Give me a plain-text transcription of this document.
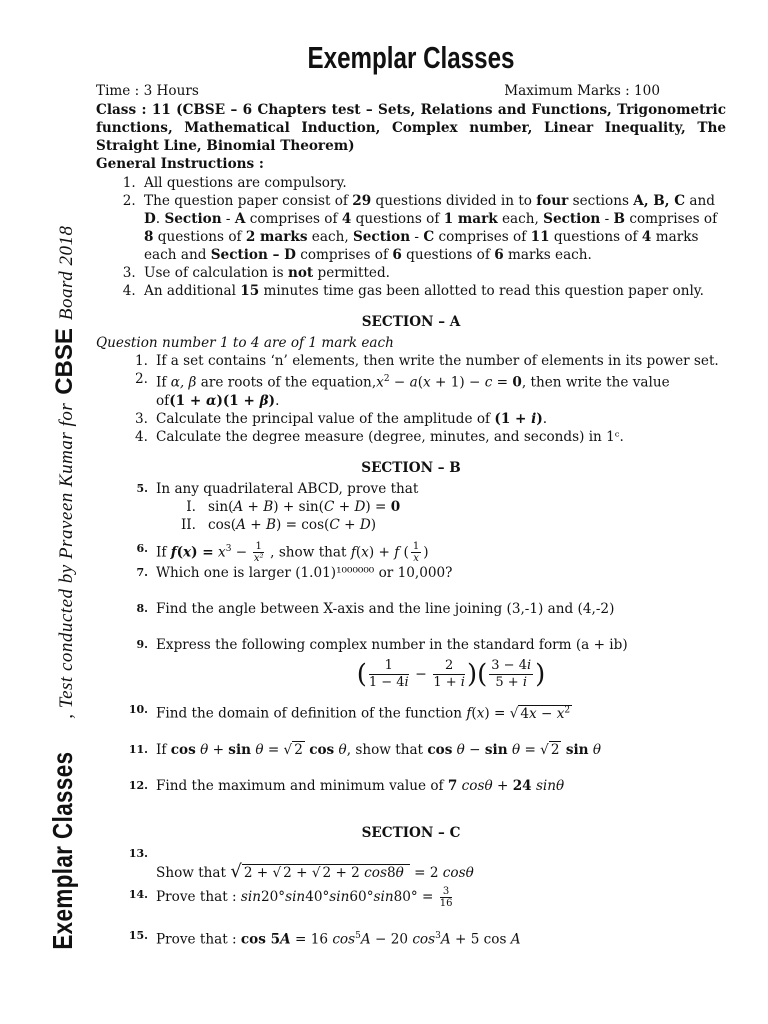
Exemplar Classes
, Test conducted by Praveen Kumar for
CBSE
Board 2018
Exemplar Classes
Time : 3 Hours	Maximum Marks : 100
Class : 11 (CBSE – 6 Chapters test – Sets, Relations and Functions, Trigonometric functions, Mathematical Induction, Complex number, Linear Inequality, The Straight Line, Binomial Theorem)
General Instructions :
1. All questions are compulsory.
2. The question paper consist of 29 questions divided in to four sections A, B, C and D. Section - A comprises of 4 questions of 1 mark each, Section - B comprises of 8 questions of 2 marks each, Section - C comprises of 11 questions of 4 marks each and Section – D comprises of 6 questions of 6 marks each.
3. Use of calculation is not permitted.
4. An additional 15 minutes time gas been allotted to read this question paper only.
SECTION – A
Question number 1 to 4 are of 1 mark each
1. If a set contains ‘n’ elements, then write the number of elements in its power set.
2. If α, β are roots of the $equation,x^2 - a(x + 1) - c = 0$, then write the value
of(1 + α)(1 + β).
3. Calculate the principal value of the amplitude of (1 + i).
4. Calculate the degree measure (degree, minutes, and seconds) in 1ᶜ.
SECTION – B
5. In any quadrilateral ABCD, prove that
I. sin(A + B) + sin(C + D) = 0
II. cos(A + B) = cos(C + D)
6. If $f(x) = x^3 - \frac{1}{\text{x²}}$ , show that f(x) + f ( $\frac{1}{x}$ )
7. Which one is larger (1.01)¹⁰⁰⁰⁰⁰⁰ or 10,000?
8. Find the angle between X-axis and the line joining (3,-1) and (4,-2)
9. Express the following complex number in the standard form (a + ib)
( $\frac{1}{1 - 4i} - \frac{2}{1 + i}$ )( $\frac{3 - 4i}{5 + i}$ )
10. Find the domain of definition of the function f(x) = √ $4x - x^2$
11. If cos θ + sin θ = √ 2 cos θ, show that cos θ − sin θ = √ 2 sin θ
12. Find the maximum and minimum value of 7 cosθ + 24 sinθ
SECTION – C
13.
Show that √ 2 + √ 2 + √ 2 + 2 cos8θ = 2 cosθ
14. Prove that : $\sin 20^\circ\sin 40^\circ\sin 60^\circ\sin 80^\circ = \frac{3}{16}$
15. Prove that : cos 5A = 16 $\cos^5A - 20$ $\cos^3A + 5$ cos A
